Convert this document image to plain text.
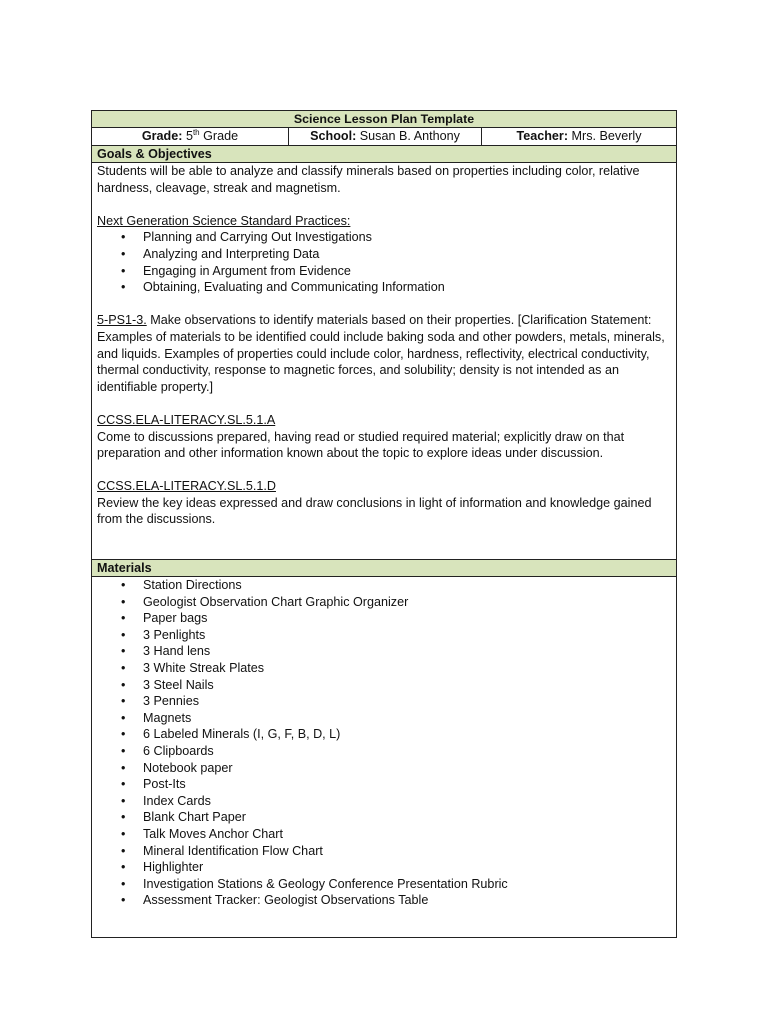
Science Lesson Plan Template
Grade: 5th Grade	School: Susan B. Anthony	Teacher: Mrs. Beverly
Goals & Objectives

Students will be able to analyze and classify minerals based on properties including color, relative hardness, cleavage, streak and magnetism.

Next Generation Science Standard Practices:

• Planning and Carrying Out Investigations
• Analyzing and Interpreting Data
• Engaging in Argument from Evidence
• Obtaining, Evaluating and Communicating Information

5-PS1-3. Make observations to identify materials based on their properties. [Clarification Statement: Examples of materials to be identified could include baking soda and other powders, metals, minerals, and liquids. Examples of properties could include color, hardness, reflectivity, electrical conductivity, thermal conductivity, response to magnetic forces, and solubility; density is not intended as an identifiable property.]

CCSS.ELA-LITERACY.SL.5.1.A

Come to discussions prepared, having read or studied required material; explicitly draw on that preparation and other information known about the topic to explore ideas under discussion.

CCSS.ELA-LITERACY.SL.5.1.D

Review the key ideas expressed and draw conclusions in light of information and knowledge gained from the discussions.

Materials
• Station Directions
• Geologist Observation Chart Graphic Organizer
• Paper bags
• 3 Penlights
• 3 Hand lens
• 3 White Streak Plates
• 3 Steel Nails
• 3 Pennies
• Magnets
• 6 Labeled Minerals (I, G, F, B, D, L)
• 6 Clipboards
• Notebook paper
• Post-Its
• Index Cards
• Blank Chart Paper
• Talk Moves Anchor Chart
• Mineral Identification Flow Chart
• Highlighter
• Investigation Stations & Geology Conference Presentation Rubric
• Assessment Tracker: Geologist Observations Table
